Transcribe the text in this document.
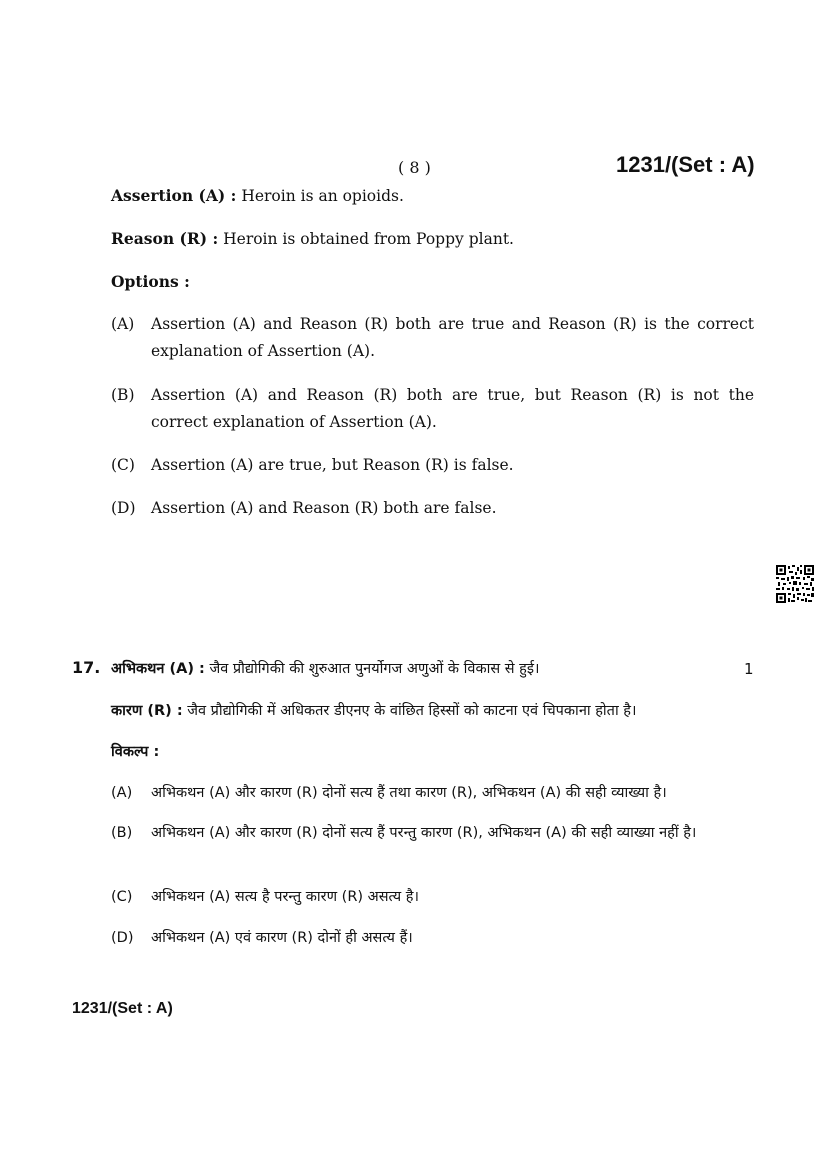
( 8 )	1231/(Set : A)
Assertion (A) : Heroin is an opioids.
Reason (R) : Heroin is obtained from Poppy plant.
Options :
(A) Assertion (A) and Reason (R) both are true and Reason (R) is the correct explanation of Assertion (A).
(B) Assertion (A) and Reason (R) both are true, but Reason (R) is not the correct explanation of Assertion (A).
(C) Assertion (A) are true, but Reason (R) is false.
(D) Assertion (A) and Reason (R) both are false.
17. अभिकथन (A) : जैव प्रौद्योगिकी की शुरुआत पुनर्योगज अणुओं के विकास से हुई।	1
कारण (R) : जैव प्रौद्योगिकी में अधिकतर डीएनए के वांछित हिस्सों को काटना एवं चिपकाना होता है।
विकल्प :
(A) अभिकथन (A) और कारण (R) दोनों सत्य हैं तथा कारण (R), अभिकथन (A) की सही व्याख्या है।
(B) अभिकथन (A) और कारण (R) दोनों सत्य हैं परन्तु कारण (R), अभिकथन (A) की सही व्याख्या नहीं है।
(C) अभिकथन (A) सत्य है परन्तु कारण (R) असत्य है।
(D) अभिकथन (A) एवं कारण (R) दोनों ही असत्य हैं।
1231/(Set : A)
